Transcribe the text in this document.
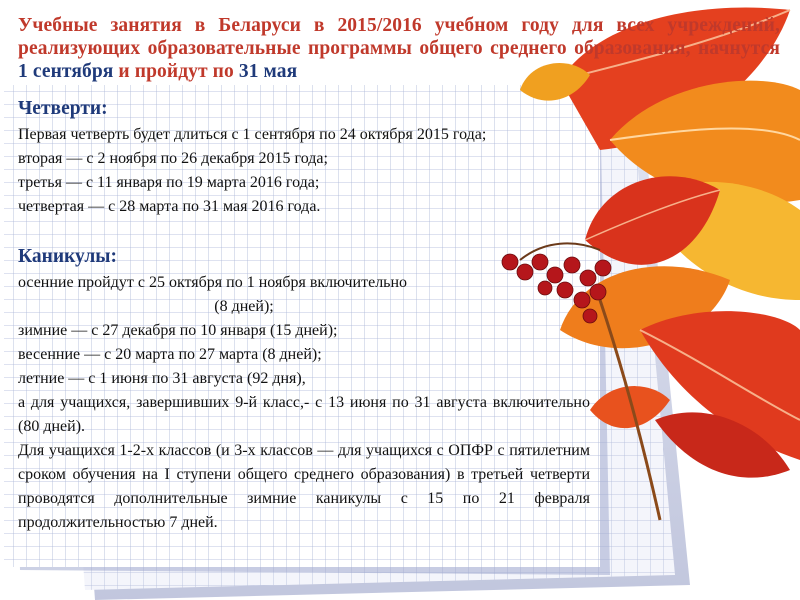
Учебные занятия в Беларуси в 2015/2016 учебном году для всех учреждений, реализующих образовательные программы общего среднего образования, начнутся 1 сентября и пройдут по 31 мая
Четверти:

Первая четверть будет длиться с 1 сентября по 24 октября 2015 года;

вторая — с 2 ноября по 26 декабря 2015 года;

третья — с 11 января по 19 марта 2016 года;

четвертая — с 28 марта по 31 мая 2016 года.

Каникулы:

осенние пройдут с 25 октября по 1 ноября включительно

(8 дней);

зимние — с 27 декабря по 10 января (15 дней);

весенние — с 20 марта по 27 марта (8 дней);

летние — с 1 июня по 31 августа (92 дня),

а для учащихся, завершивших 9-й класс,- с 13 июня по 31 августа включительно (80 дней).

Для учащихся 1-2-х классов (и 3-х классов — для учащихся с ОПФР с пятилетним сроком обучения на I ступени общего среднего образования) в третьей четверти проводятся дополнительные зимние каникулы с 15 по 21 февраля продолжительностью 7 дней.
